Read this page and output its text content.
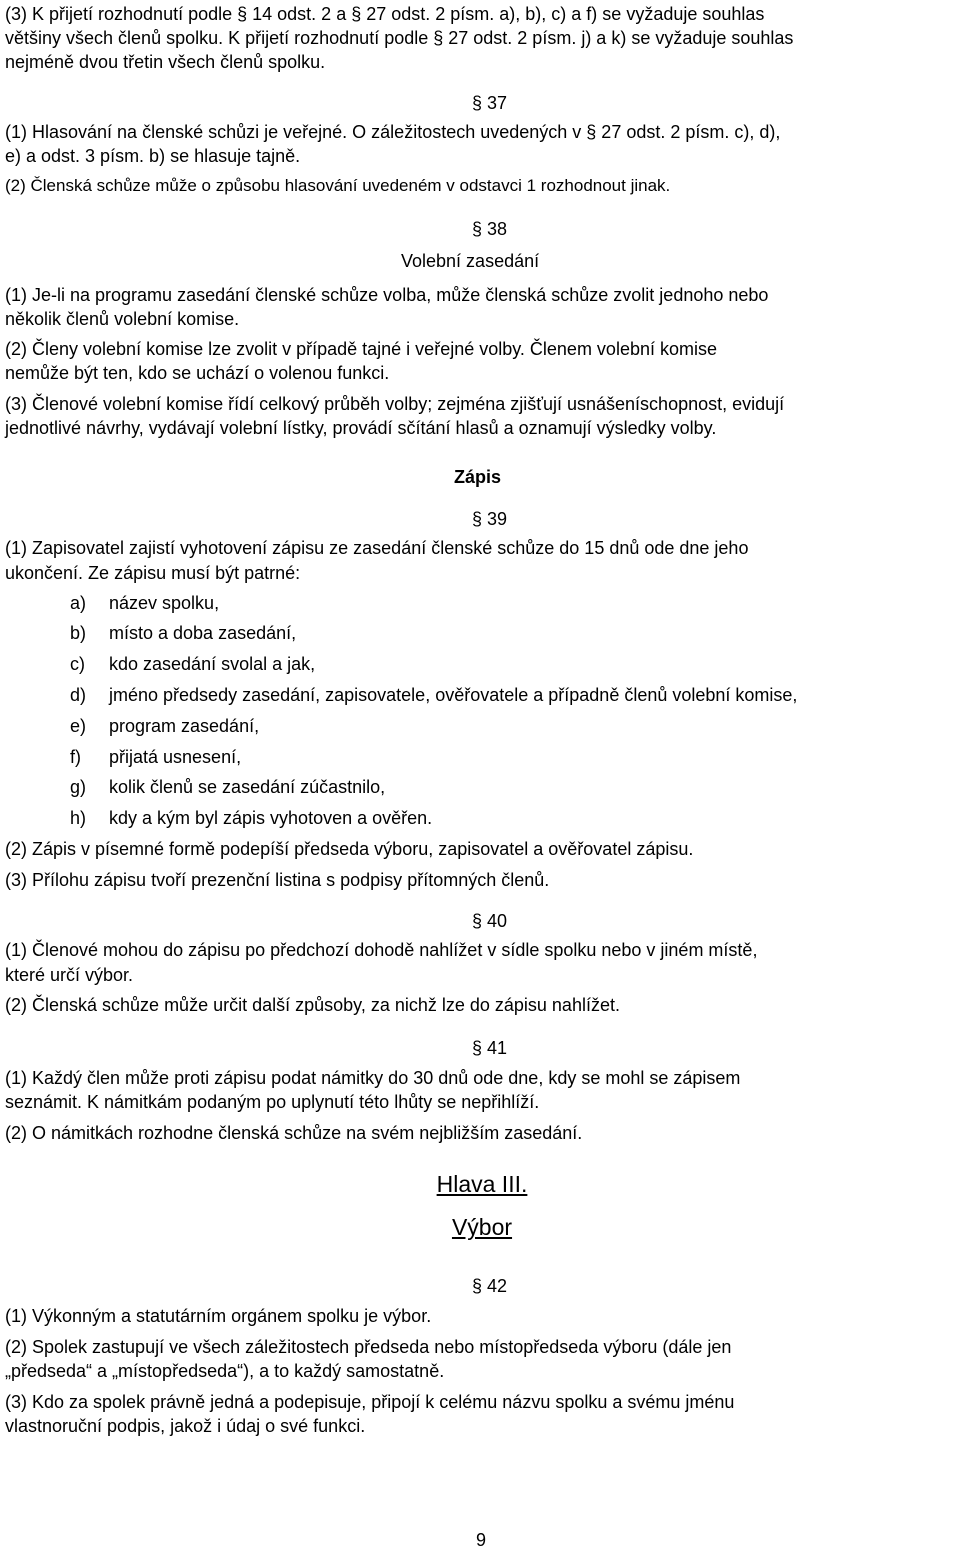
(3) K přijetí rozhodnutí podle § 14 odst. 2 a § 27 odst. 2 písm. a), b), c) a f) se vyžaduje souhlas
většiny všech členů spolku. K přijetí rozhodnutí podle § 27 odst. 2 písm. j) a k) se vyžaduje souhlas
nejméně dvou třetin všech členů spolku.
§ 37
(1) Hlasování na členské schůzi je veřejné. O záležitostech uvedených v § 27 odst. 2 písm. c), d),
e) a odst. 3 písm. b) se hlasuje tajně.
(2) Členská schůze může o způsobu hlasování uvedeném v odstavci 1 rozhodnout jinak.
§ 38
Volební zasedání
(1) Je-li na programu zasedání členské schůze volba, může členská schůze zvolit jednoho nebo
několik členů volební komise.
(2) Členy volební komise lze zvolit v případě tajné i veřejné volby. Členem volební komise
nemůže být ten, kdo se uchází o volenou funkci.
(3) Členové volební komise řídí celkový průběh volby; zejména zjišťují usnášeníschopnost, evidují
jednotlivé návrhy, vydávají volební lístky, provádí sčítání hlasů a oznamují výsledky volby.
Zápis
§ 39
(1) Zapisovatel zajistí vyhotovení zápisu ze zasedání členské schůze do 15 dnů ode dne jeho
ukončení. Ze zápisu musí být patrné:
a) název spolku,
b) místo a doba zasedání,
c) kdo zasedání svolal a jak,
d) jméno předsedy zasedání, zapisovatele, ověřovatele a případně členů volební komise,
e) program zasedání,
f) přijatá usnesení,
g) kolik členů se zasedání zúčastnilo,
h) kdy a kým byl zápis vyhotoven a ověřen.
(2) Zápis v písemné formě podepíší předseda výboru, zapisovatel a ověřovatel zápisu.
(3) Přílohu zápisu tvoří prezenční listina s podpisy přítomných členů.
§ 40
(1) Členové mohou do zápisu po předchozí dohodě nahlížet v sídle spolku nebo v jiném místě,
které určí výbor.
(2) Členská schůze může určit další způsoby, za nichž lze do zápisu nahlížet.
§ 41
(1) Každý člen může proti zápisu podat námitky do 30 dnů ode dne, kdy se mohl se zápisem
seznámit. K námitkám podaným po uplynutí této lhůty se nepřihlíží.
(2) O námitkách rozhodne členská schůze na svém nejbližším zasedání.
Hlava III.
Výbor
§ 42
(1) Výkonným a statutárním orgánem spolku je výbor.
(2) Spolek zastupují ve všech záležitostech předseda nebo místopředseda výboru (dále jen
„předseda“ a „místopředseda“), a to každý samostatně.
(3) Kdo za spolek právně jedná a podepisuje, připojí k celému názvu spolku a svému jménu
vlastnoruční podpis, jakož i údaj o své funkci.
9
